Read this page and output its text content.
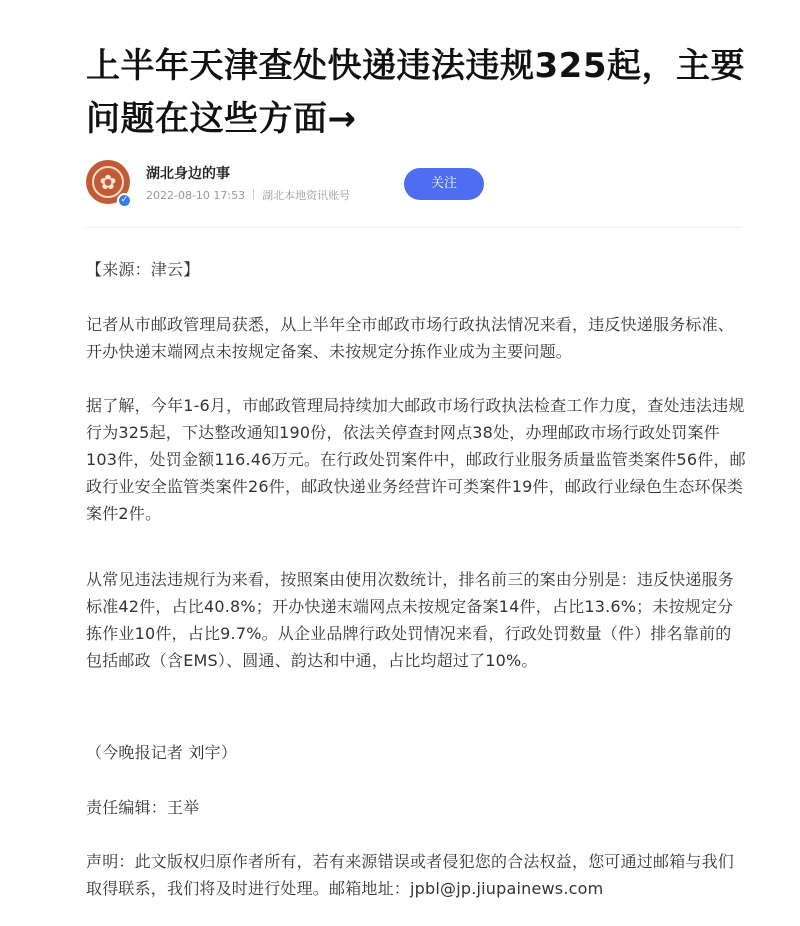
上半年天津查处快递违法违规325起，主要问题在这些方面→
✿
✓
湖北身边的事
2022-08-10 17:53 湖北本地资讯账号
关注

【来源：津云】

记者从市邮政管理局获悉，从上半年全市邮政市场行政执法情况来看，违反快递服务标准、开办快递末端网点未按规定备案、未按规定分拣作业成为主要问题。

据了解，今年1-6月，市邮政管理局持续加大邮政市场行政执法检查工作力度，查处违法违规行为325起，下达整改通知190份，依法关停查封网点38处，办理邮政市场行政处罚案件103件，处罚金额116.46万元。在行政处罚案件中，邮政行业服务质量监管类案件56件，邮政行业安全监管类案件26件，邮政快递业务经营许可类案件19件，邮政行业绿色生态环保类案件2件。

从常见违法违规行为来看，按照案由使用次数统计，排名前三的案由分别是：违反快递服务标准42件，占比40.8%；开办快递末端网点未按规定备案14件，占比13.6%；未按规定分拣作业10件，占比9.7%。从企业品牌行政处罚情况来看，行政处罚数量（件）排名靠前的包括邮政（含EMS）、圆通、韵达和中通，占比均超过了10%。

（今晚报记者 刘宇）

责任编辑：王举

声明：此文版权归原作者所有，若有来源错误或者侵犯您的合法权益，您可通过邮箱与我们取得联系，我们将及时进行处理。邮箱地址：jpbl@jp.jiupainews.com
